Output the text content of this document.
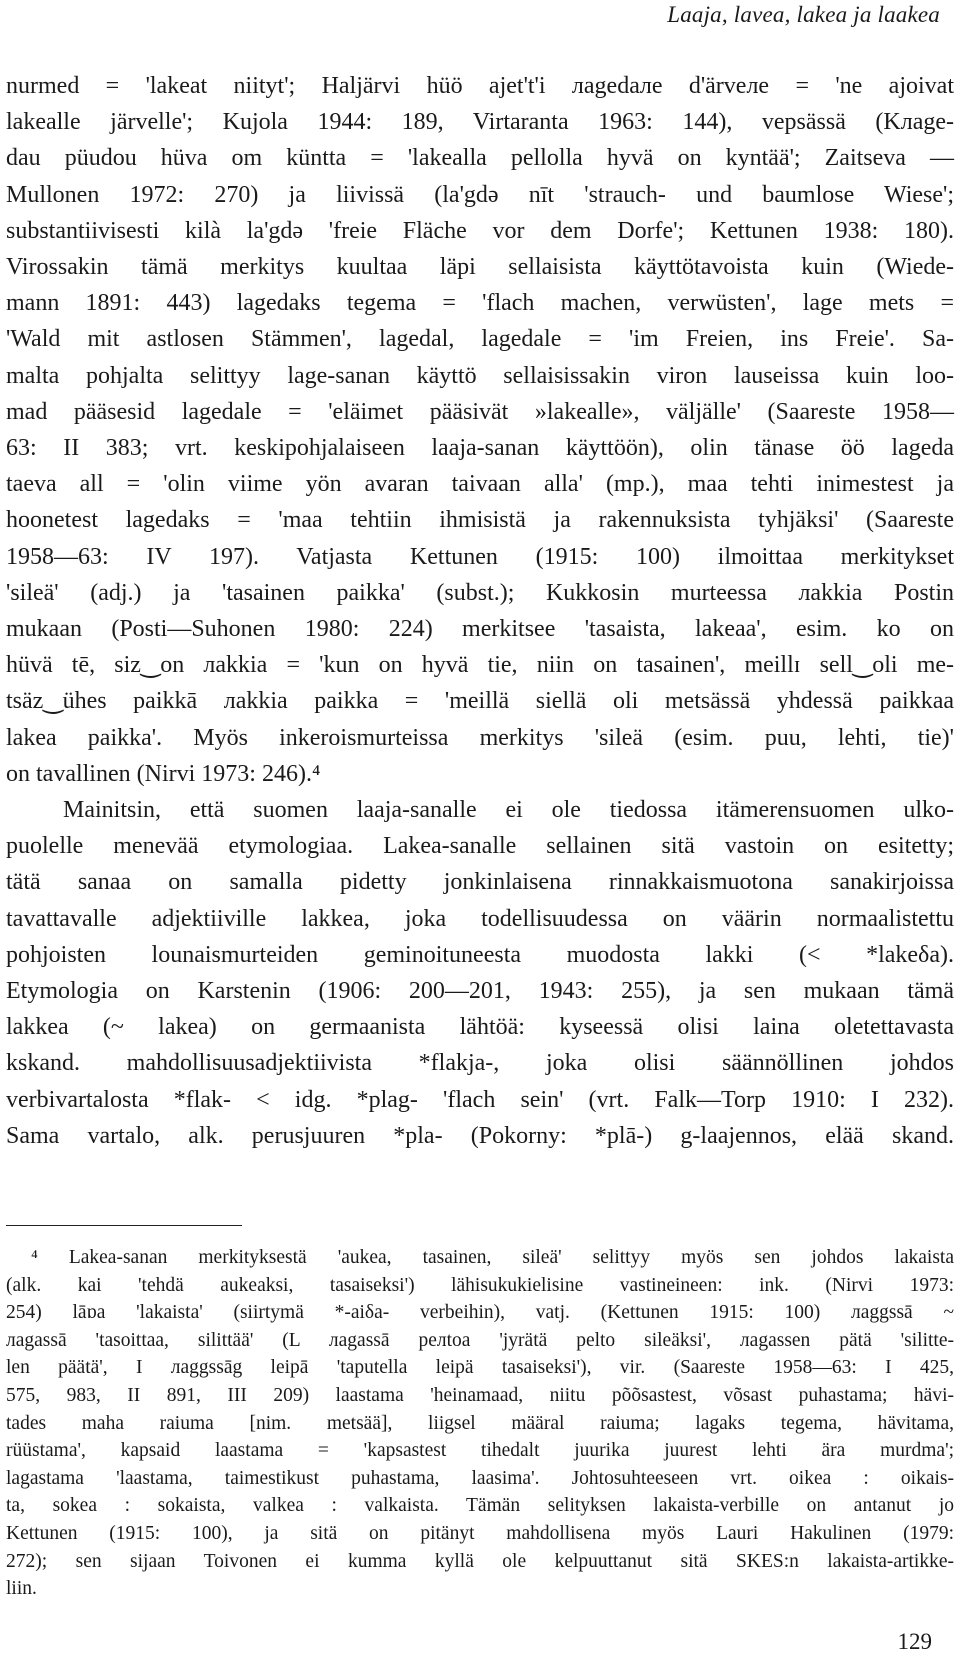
Laaja, lavea, lakea ja laakea
nurmed = 'lakeat niityt'; Haljärvi hüö ajet't'i лagedaлe d'ärveлe = 'ne ajoivat
lakealle järvelle'; Kujola 1944: 189, Virtaranta 1963: 144), vepsässä (Kлage-
dau püudou hüva om küntta = 'lakealla pellolla hyvä on kyntää'; Zaitseva —
Mullonen 1972: 270) ja liivissä (la'gdə nīt 'strauch- und baumlose Wiese';
substantiivisesti kilà la'gdə 'freie Fläche vor dem Dorfe'; Kettunen 1938: 180).
Virossakin tämä merkitys kuultaa läpi sellaisista käyttötavoista kuin (Wiede-
mann 1891: 443) lagedaks tegema = 'flach machen, verwüsten', lage mets =
'Wald mit astlosen Stämmen', lagedal, lagedale = 'im Freien, ins Freie'. Sa-
malta pohjalta selittyy lage-sanan käyttö sellaisissakin viron lauseissa kuin loo-
mad pääsesid lagedale = 'eläimet pääsivät »lakealle», väljälle' (Saareste 1958—
63: II 383; vrt. keskipohjalaiseen laaja-sanan käyttöön), olin tänase öö lageda
taeva all = 'olin viime yön avaran taivaan alla' (mp.), maa tehti inimestest ja
hoonetest lagedaks = 'maa tehtiin ihmisistä ja rakennuksista tyhjäksi' (Saareste
1958—63: IV 197). Vatjasta Kettunen (1915: 100) ilmoittaa merkitykset
'sileä' (adj.) ja 'tasainen paikka' (subst.); Kukkosin murteessa лakkia Postin
mukaan (Posti—Suhonen 1980: 224) merkitsee 'tasaista, lakeaa', esim. ko on
hüvä tē, siz‿on лakkia = 'kun on hyvä tie, niin on tasainen', meillɪ sell‿oli me-
tsäz‿ühes paikkā лakkia paikka = 'meillä siellä oli metsässä yhdessä paikkaa
lakea paikka'. Myös inkeroismurteissa merkitys 'sileä (esim. puu, lehti, tie)'
on tavallinen (Nirvi 1973: 246).⁴
Mainitsin, että suomen laaja-sanalle ei ole tiedossa itämerensuomen ulko-
puolelle menevää etymologiaa. Lakea-sanalle sellainen sitä vastoin on esitetty;
tätä sanaa on samalla pidetty jonkinlaisena rinnakkaismuotona sanakirjoissa
tavattavalle adjektiiville lakkea, joka todellisuudessa on väärin normaalistettu
pohjoisten lounaismurteiden geminoituneesta muodosta lakki (< *lakeδa).
Etymologia on Karstenin (1906: 200—201, 1943: 255), ja sen mukaan tämä
lakkea (~ lakea) on germaanista lähtöä: kyseessä olisi laina oletettavasta
kskand. mahdollisuusadjektiivista *flakja-, joka olisi säännöllinen johdos
verbivartalosta *flak- < idg. *plag- 'flach sein' (vrt. Falk—Torp 1910: I 232).
Sama vartalo, alk. perusjuuren *pla- (Pokorny: *plā-) g-laajennos, elää skand.
⁴ Lakea-sanan merkityksestä 'aukea, tasainen, sileä' selittyy myös sen johdos lakaista
(alk. kai 'tehdä aukeaksi, tasaiseksi') lähisukukielisine vastineineen: ink. (Nirvi 1973:
254) lāɒa 'lakaista' (siirtymä *-aiδa- verbeihin), vatj. (Kettunen 1915: 100) лaggssā ~
лagassā 'tasoittaa, silittää' (L лagassā peлtoa 'jyrätä pelto sileäksi', лagassen pätä 'silitte-
len päätä', I лaggssāg leipā 'taputella leipä tasaiseksi'), vir. (Saareste 1958—63: I 425,
575, 983, II 891, III 209) laastama 'heinamaad, niitu põõsastest, võsast puhastama; hävi-
tades maha raiuma [nim. metsää], liigsel määral raiuma; lagaks tegema, hävitama,
rüüstama', kapsaid laastama = 'kapsastest tihedalt juurika juurest lehti ära murdma';
lagastama 'laastama, taimestikust puhastama, laasima'. Johtosuhteeseen vrt. oikea : oikais-
ta, sokea : sokaista, valkea : valkaista. Tämän selityksen lakaista-verbille on antanut jo
Kettunen (1915: 100), ja sitä on pitänyt mahdollisena myös Lauri Hakulinen (1979:
272); sen sijaan Toivonen ei kumma kyllä ole kelpuuttanut sitä SKES:n lakaista-artikke-
liin.
129
